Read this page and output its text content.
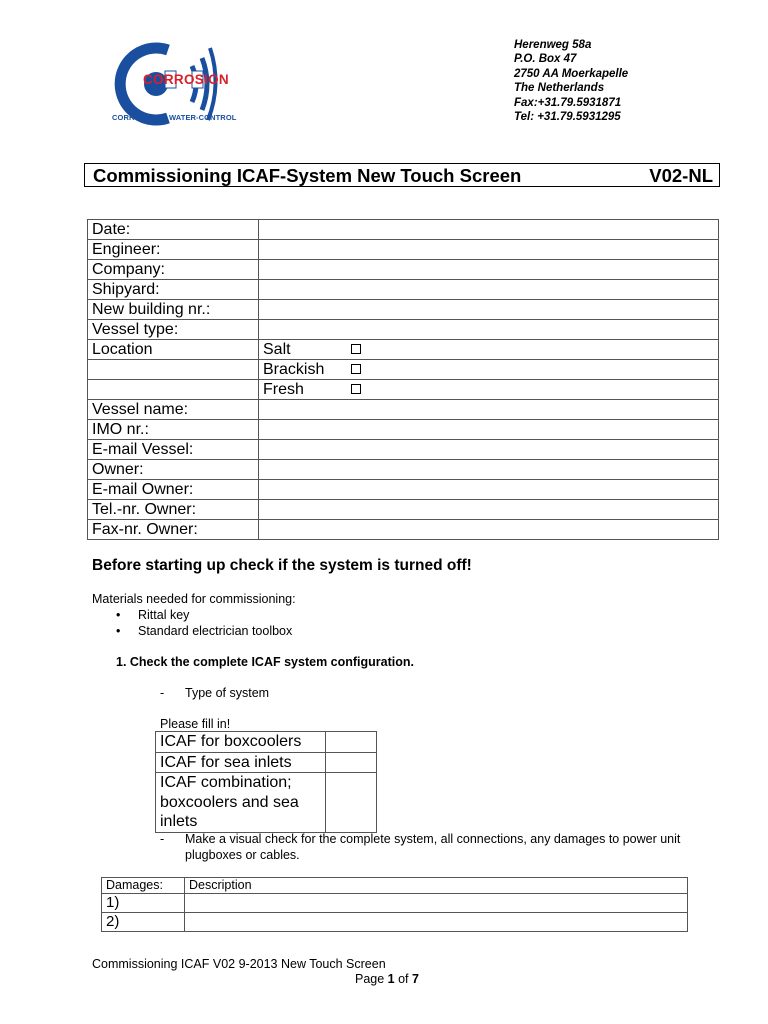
CORROSION
CORROSION & WATER-CONTROL
Herenweg 58a
P.O. Box 47
2750 AA Moerkapelle
The Netherlands
Fax:+31.79.5931871
Tel: +31.79.5931295
Commissioning ICAF-System New Touch Screen	V02-NL
Date:	
Engineer:	
Company:	
Shipyard:	
New building nr.:	
Vessel type:	
Location	Salt
	Brackish
	Fresh
Vessel name:	
IMO nr.:	
E-mail Vessel:	
Owner:	
E-mail Owner:	
Tel.-nr. Owner:	
Fax-nr. Owner:	
Before starting up check if the system is turned off!
Materials needed for commissioning:
• Rittal key
• Standard electrician toolbox
1. Check the complete ICAF system configuration.
- Type of system
Please fill in!
ICAF for boxcoolers	
ICAF for sea inlets	
ICAF combination; boxcoolers and sea inlets	
- Make a visual check for the complete system, all connections, any damages to power unit plugboxes or cables.
Damages:	Description
1)	
2)	
Commissioning ICAF V02 9-2013 New Touch Screen
Page 1 of 7
